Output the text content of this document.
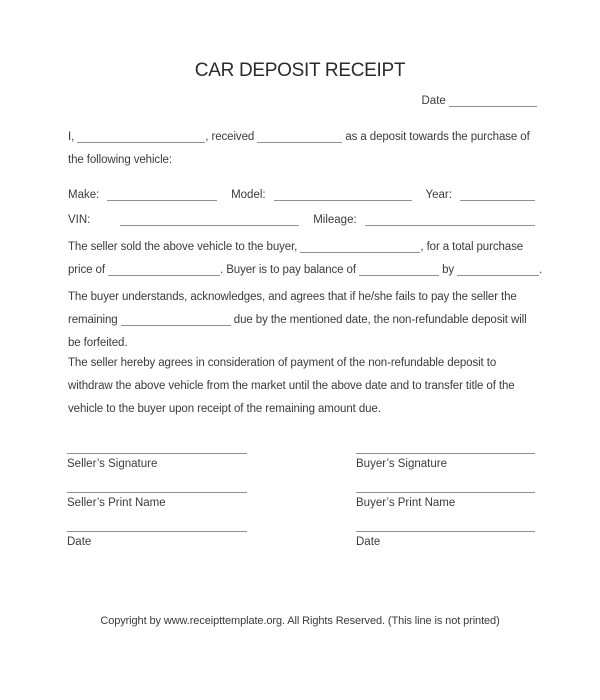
CAR DEPOSIT RECEIPT
Date
I,	, received	as a deposit towards the purchase of
the following vehicle:
Make:	Model:	Year:
VIN:	Mileage:
The seller sold the above vehicle to the buyer,	, for a total purchase
price of	. Buyer is to pay balance of	by	.
The buyer understands, acknowledges, and agrees that if he/she fails to pay the seller the
remaining	due by the mentioned date, the non-refundable deposit will
be forfeited.
The seller hereby agrees in consideration of payment of the non-refundable deposit to
withdraw the above vehicle from the market until the above date and to transfer title of the
vehicle to the buyer upon receipt of the remaining amount due.
Seller’s Signature
Seller’s Print Name
Date
Buyer’s Signature
Buyer’s Print Name
Date
Copyright by www.receipttemplate.org. All Rights Reserved. (This line is not printed)
